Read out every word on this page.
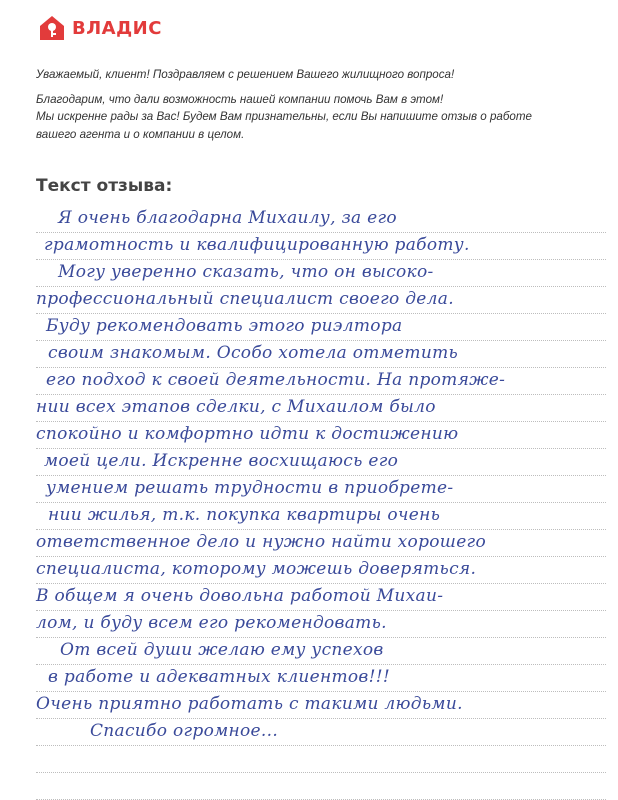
ВЛАДИС

Уважаемый, клиент! Поздравляем с решением Вашего жилищного вопроса!

Благодарим, что дали возможность нашей компании помочь Вам в этом!

Мы искренне рады за Вас! Будем Вам признательны, если Вы напишите отзыв о работе

вашего агента и о компании в целом.

Текст отзыва:
Я очень благодарна Михаилу, за его
грамотность и квалифицированную работу.
Могу уверенно сказать, что он высоко-
профессиональный специалист своего дела.
Буду рекомендовать этого риэлтора
своим знакомым. Особо хотела отметить
его подход к своей деятельности. На протяже-
нии всех этапов сделки, с Михаилом было
спокойно и комфортно идти к достижению
моей цели. Искренне восхищаюсь его
умением решать трудности в приобрете-
нии жилья, т.к. покупка квартиры очень
ответственное дело и нужно найти хорошего
специалиста, которому можешь доверяться.
В общем я очень довольна работой Михаи-
лом, и буду всем его рекомендовать.
От всей души желаю ему успехов
в работе и адекватных клиентов!!!
Очень приятно работать с такими людьми.
Спасибо огромное...
